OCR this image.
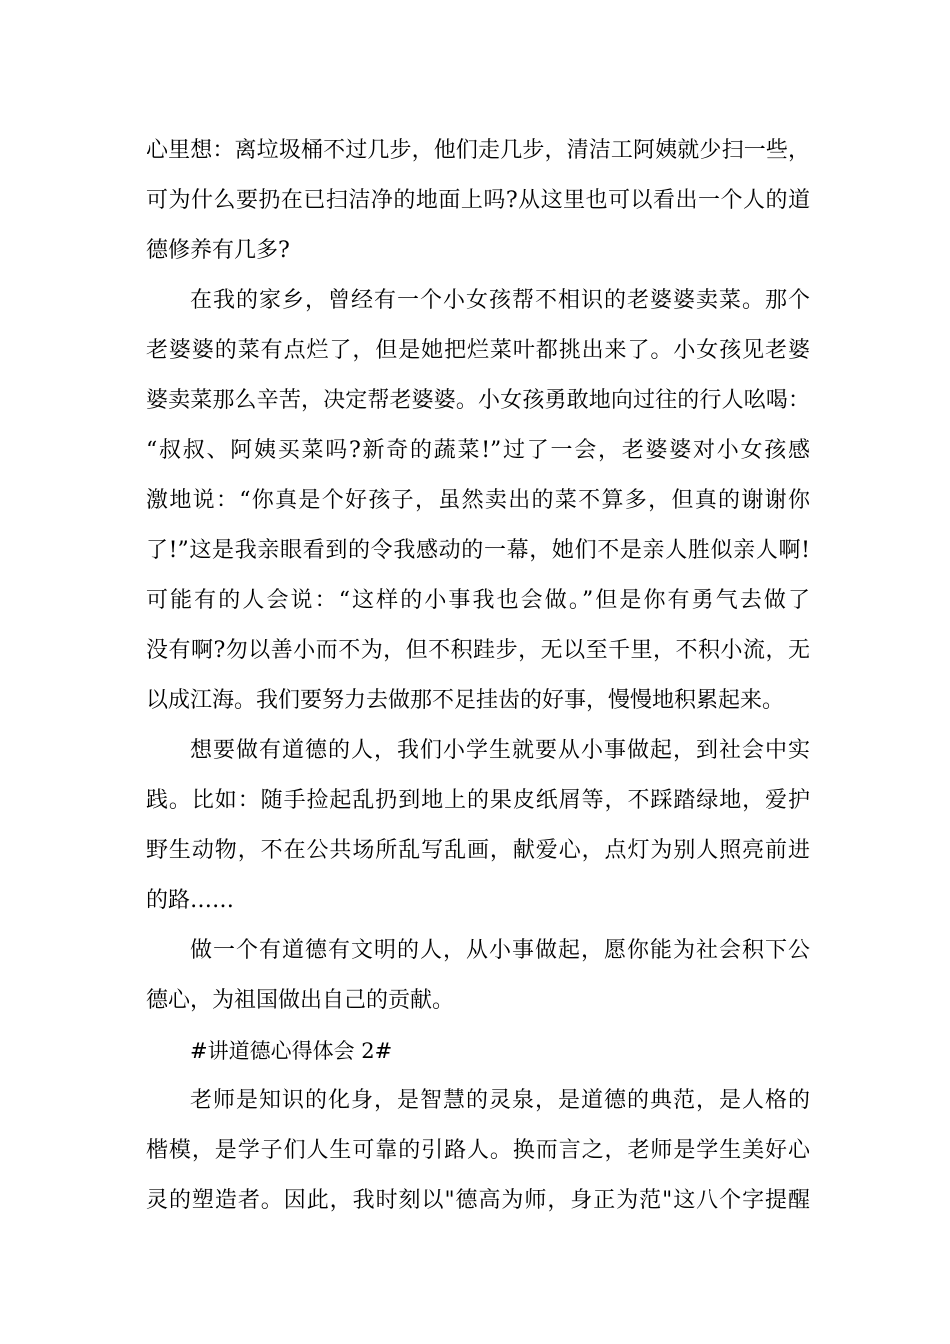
心里想：离垃圾桶不过几步，他们走几步，清洁工阿姨就少扫一些，
可为什么要扔在已扫洁净的地面上吗?从这里也可以看出一个人的道
德修养有几多?
在我的家乡，曾经有一个小女孩帮不相识的老婆婆卖菜。那个
老婆婆的菜有点烂了，但是她把烂菜叶都挑出来了。小女孩见老婆
婆卖菜那么辛苦，决定帮老婆婆。小女孩勇敢地向过往的行人吆喝：
“叔叔、阿姨买菜吗?新奇的蔬菜!”过了一会，老婆婆对小女孩感
激地说：“你真是个好孩子，虽然卖出的菜不算多，但真的谢谢你
了!”这是我亲眼看到的令我感动的一幕，她们不是亲人胜似亲人啊!
可能有的人会说：“这样的小事我也会做。”但是你有勇气去做了
没有啊?勿以善小而不为，但不积跬步，无以至千里，不积小流，无
以成江海。我们要努力去做那不足挂齿的好事，慢慢地积累起来。
想要做有道德的人，我们小学生就要从小事做起，到社会中实
践。比如：随手捡起乱扔到地上的果皮纸屑等，不踩踏绿地，爱护
野生动物，不在公共场所乱写乱画，献爱心，点灯为别人照亮前进
的路……
做一个有道德有文明的人，从小事做起，愿你能为社会积下公
德心，为祖国做出自己的贡献。
#讲道德心得体会 2#
老师是知识的化身，是智慧的灵泉，是道德的典范，是人格的
楷模，是学子们人生可靠的引路人。换而言之，老师是学生美好心
灵的塑造者。因此，我时刻以"德高为师，身正为范"这八个字提醒
